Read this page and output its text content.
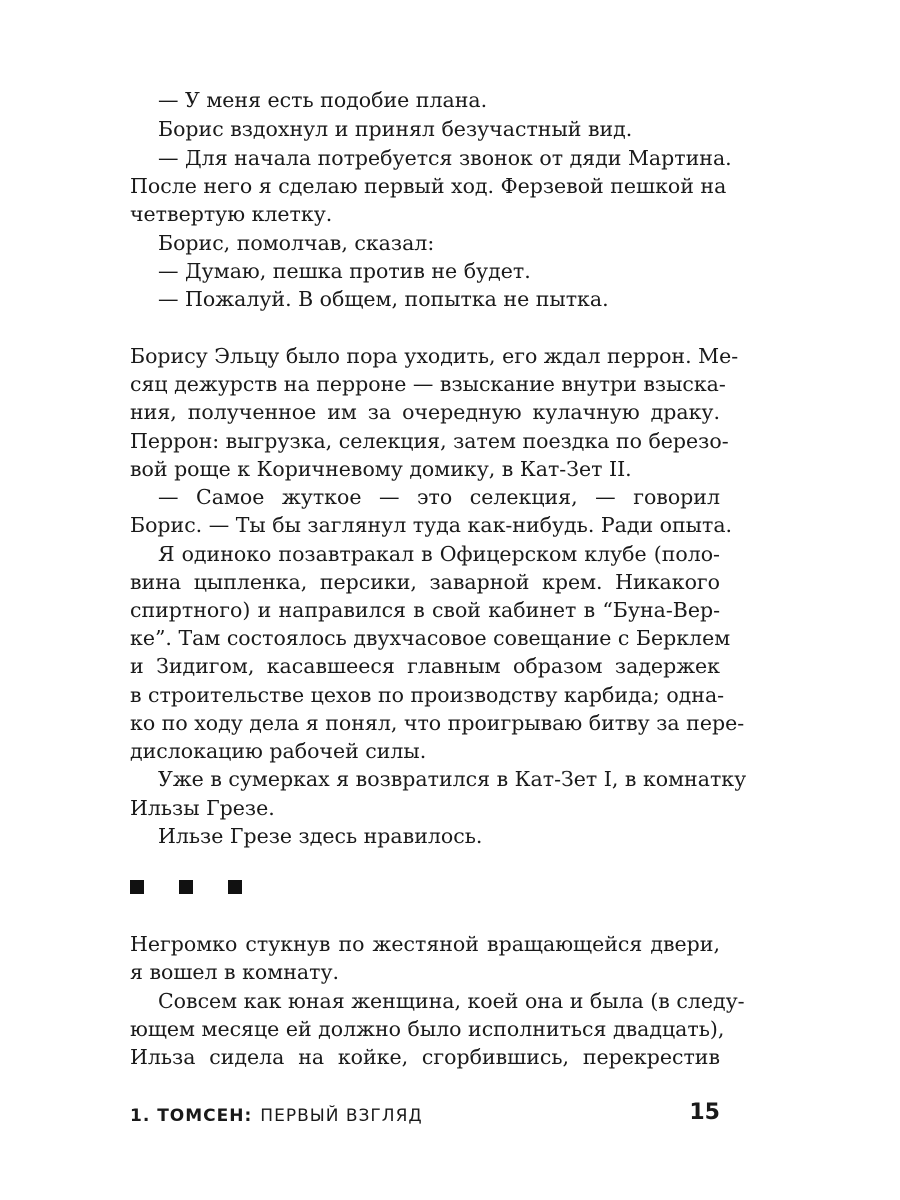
— У меня есть подобие плана.
Борис вздохнул и принял безучастный вид.
— Для начала потребуется звонок от дяди Мартина.
После него я сделаю первый ход. Ферзевой пешкой на
четвертую клетку.
Борис, помолчав, сказал:
— Думаю, пешка против не будет.
— Пожалуй. В общем, попытка не пытка.
Борису Эльцу было пора уходить, его ждал перрон. Ме-
сяц дежурств на перроне — взыскание внутри взыска-
ния, полученное им за очередную кулачную драку.
Перрон: выгрузка, селекция, затем поездка по березо-
вой роще к Коричневому домику, в Кат-Зет II.
— Самое жуткое — это селекция, — говорил
Борис. — Ты бы заглянул туда как-нибудь. Ради опыта.
Я одиноко позавтракал в Офицерском клубе (поло-
вина цыпленка, персики, заварной крем. Никакого
спиртного) и направился в свой кабинет в “Буна-Вер-
ке”. Там состоялось двухчасовое совещание с Берклем
и Зидигом, касавшееся главным образом задержек
в строительстве цехов по производству карбида; одна-
ко по ходу дела я понял, что проигрываю битву за пере-
дислокацию рабочей силы.
Уже в сумерках я возвратился в Кат-Зет I, в комнатку
Ильзы Грезе.
Ильзе Грезе здесь нравилось.
Негромко стукнув по жестяной вращающейся двери,
я вошел в комнату.
Совсем как юная женщина, коей она и была (в следу-
ющем месяце ей должно было исполниться двадцать),
Ильза сидела на койке, сгорбившись, перекрестив
1. ТОМСЕН: ПЕРВЫЙ ВЗГЛЯД	15
